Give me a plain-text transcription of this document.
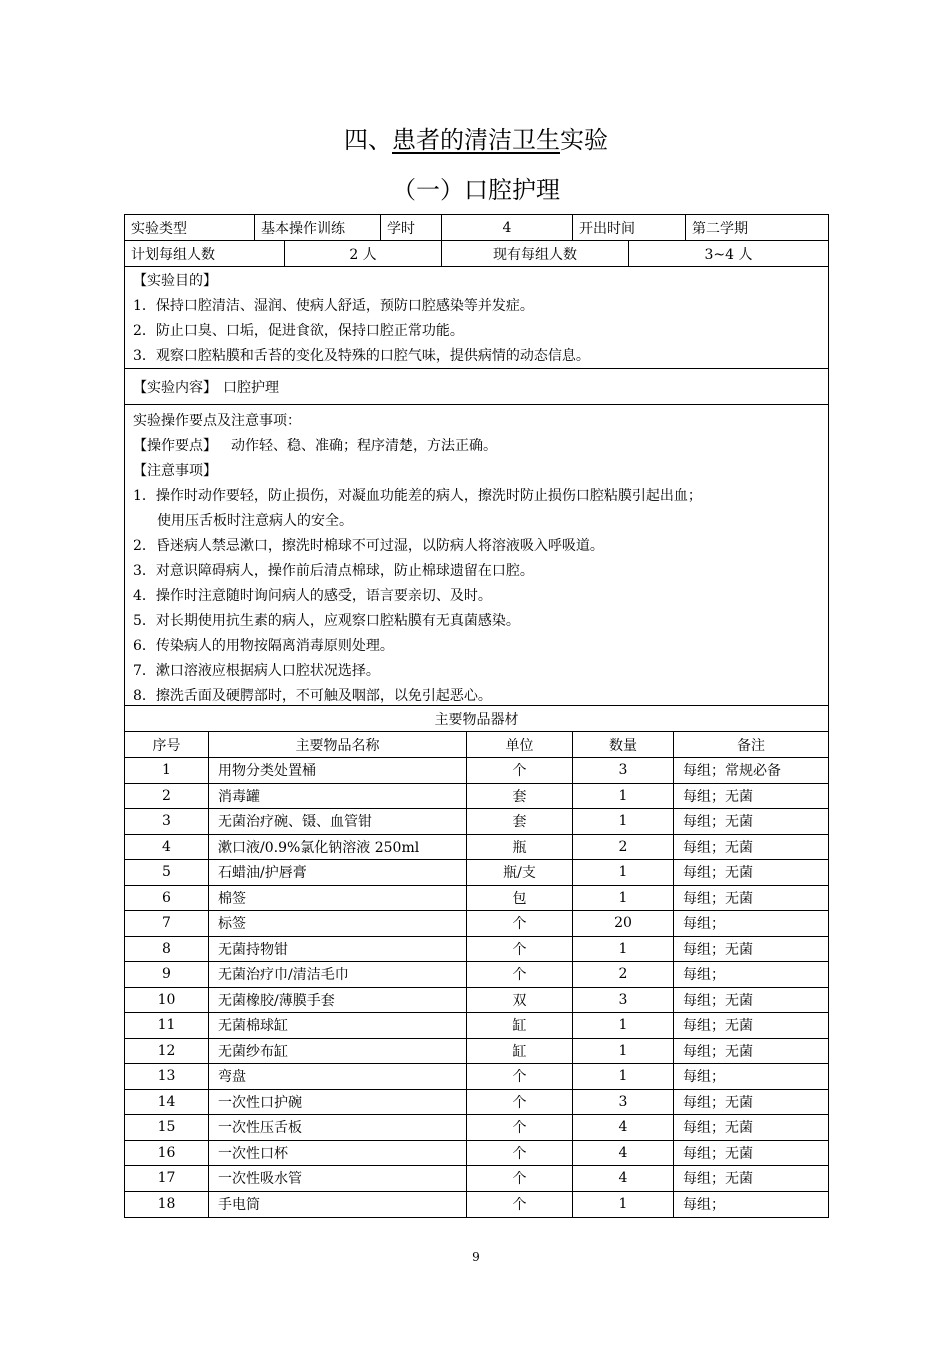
四、患者的清洁卫生实验
（一）口腔护理
实验类型	基本操作训练	学时	4	开出时间	第二学期
计划每组人数	2 人	现有每组人数	3~4 人
【实验目的】
1．保持口腔清洁、湿润、使病人舒适，预防口腔感染等并发症。
2．防止口臭、口垢，促进食欲，保持口腔正常功能。
3．观察口腔粘膜和舌苔的变化及特殊的口腔气味，提供病情的动态信息。
【实验内容】 口腔护理
实验操作要点及注意事项：
【操作要点】 动作轻、稳、准确；程序清楚，方法正确。
【注意事项】
1．操作时动作要轻，防止损伤，对凝血功能差的病人，擦洗时防止损伤口腔粘膜引起出血；
使用压舌板时注意病人的安全。
2．昏迷病人禁忌漱口，擦洗时棉球不可过湿，以防病人将溶液吸入呼吸道。
3．对意识障碍病人，操作前后清点棉球，防止棉球遗留在口腔。
4．操作时注意随时询问病人的感受，语言要亲切、及时。
5．对长期使用抗生素的病人，应观察口腔粘膜有无真菌感染。
6．传染病人的用物按隔离消毒原则处理。
7．漱口溶液应根据病人口腔状况选择。
8．擦洗舌面及硬腭部时，不可触及咽部，以免引起恶心。
主要物品器材
序号	主要物品名称	单位	数量	备注
1	用物分类处置桶	个	3	每组；常规必备
2	消毒罐	套	1	每组；无菌
3	无菌治疗碗、镊、血管钳	套	1	每组；无菌
4	漱口液/0.9%氯化钠溶液 250ml	瓶	2	每组；无菌
5	石蜡油/护唇膏	瓶/支	1	每组；无菌
6	棉签	包	1	每组；无菌
7	标签	个	20	每组；
8	无菌持物钳	个	1	每组；无菌
9	无菌治疗巾/清洁毛巾	个	2	每组；
10	无菌橡胶/薄膜手套	双	3	每组；无菌
11	无菌棉球缸	缸	1	每组；无菌
12	无菌纱布缸	缸	1	每组；无菌
13	弯盘	个	1	每组；
14	一次性口护碗	个	3	每组；无菌
15	一次性压舌板	个	4	每组；无菌
16	一次性口杯	个	4	每组；无菌
17	一次性吸水管	个	4	每组；无菌
18	手电筒	个	1	每组；
9
